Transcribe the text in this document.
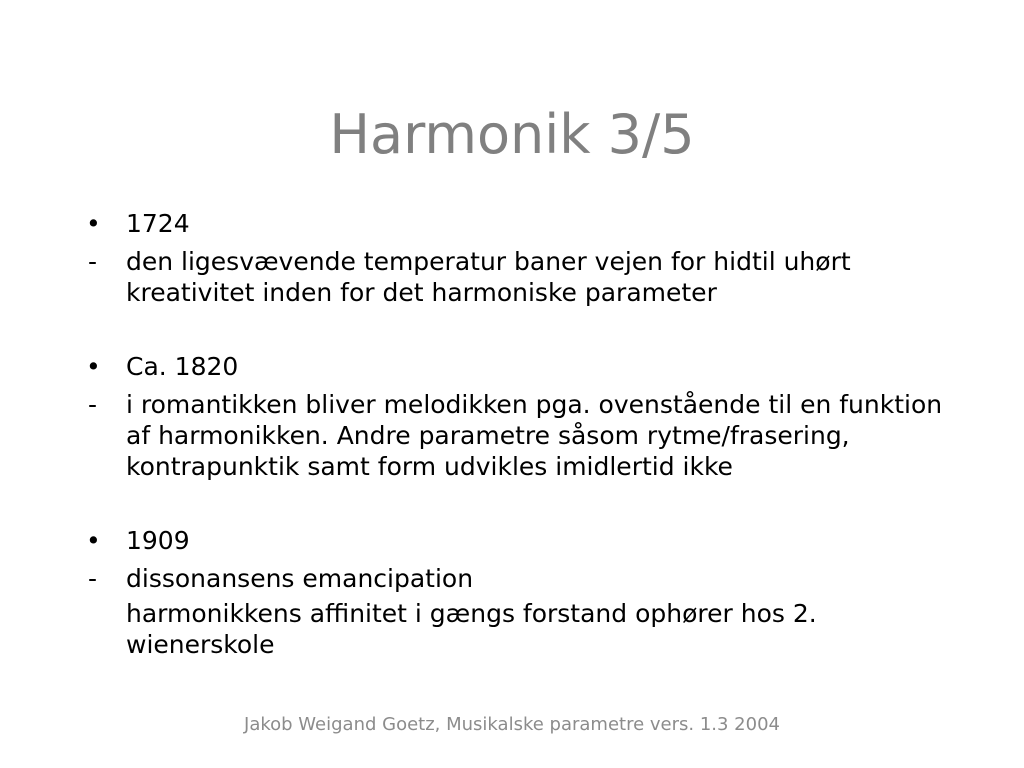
Harmonik 3/5

•	1724

-	den ligesvævende temperatur baner vejen for hidtil uhørt kreativitet inden for det harmoniske parameter

•	Ca. 1820

-	i romantikken bliver melodikken pga. ovenstående til en funktion af harmonikken. Andre parametre såsom rytme/frasering, kontrapunktik samt form udvikles imidlertid ikke

•	1909

-	dissonansens emancipation

harmonikkens affinitet i gængs forstand ophører hos 2. wienerskole

Jakob Weigand Goetz, Musikalske parametre vers. 1.3 2004
